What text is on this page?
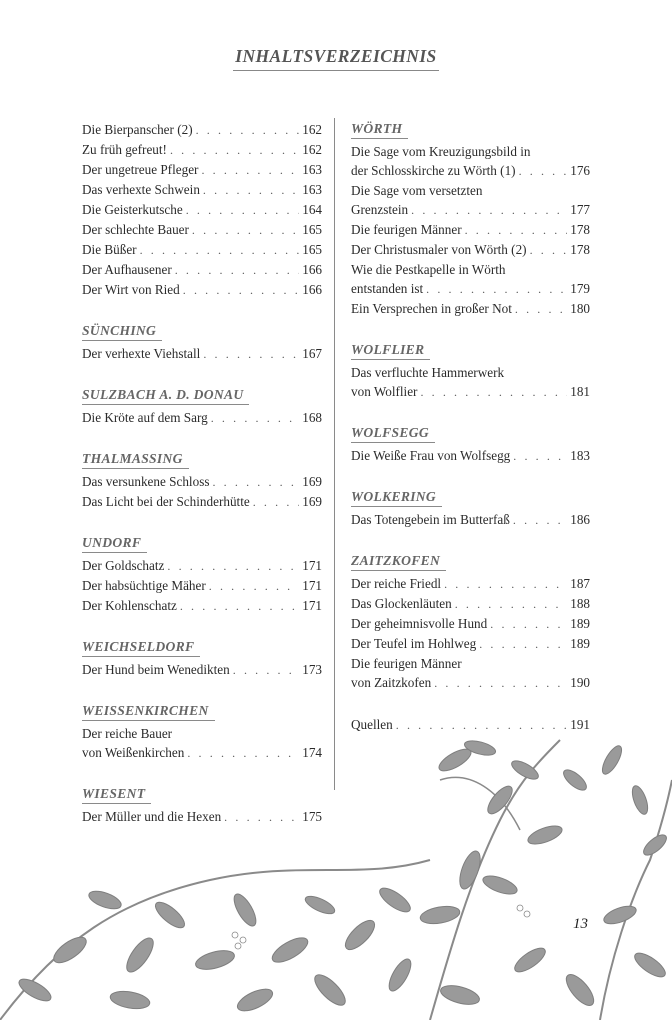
INHALTSVERZEICHNIS
Die Bierpanscher (2) . . .	162
Zu früh gefreut! . . .	162
Der ungetreue Pfleger . . .	163
Das verhexte Schwein . . .	163
Die Geisterkutsche . . .	164
Der schlechte Bauer . . .	165
Die Büßer . . .	165
Der Aufhausener . . .	166
Der Wirt von Ried . . .	166
SÜNCHING
Der verhexte Viehstall . . .	167
SULZBACH A. D. DONAU
Die Kröte auf dem Sarg . . .	168
THALMASSING
Das versunkene Schloss . . .	169
Das Licht bei der Schinderhütte . . .	169
UNDORF
Der Goldschatz . . .	171
Der habsüchtige Mäher . . .	171
Der Kohlenschatz . . .	171
WEICHSELDORF
Der Hund beim Wenedikten . . .	173
WEISSENKIRCHEN
Der reiche Bauer
von Weißenkirchen . . .	174
WIESENT
Der Müller und die Hexen . . .	175
WÖRTH
Die Sage vom Kreuzigungsbild in
der Schlosskirche zu Wörth (1) . . .	176
Die Sage vom versetzten
Grenzstein . . .	177
Die feurigen Männer . . .	178
Der Christusmaler von Wörth (2) . . .	178
Wie die Pestkapelle in Wörth
entstanden ist . . .	179
Ein Versprechen in großer Not . . .	180
WOLFLIER
Das verfluchte Hammerwerk
von Wolflier . . .	181
WOLFSEGG
Die Weiße Frau von Wolfsegg . . .	183
WOLKERING
Das Totengebein im Butterfaß . . .	186
ZAITZKOFEN
Der reiche Friedl . . .	187
Das Glockenläuten . . .	188
Der geheimnisvolle Hund . . .	189
Der Teufel im Hohlweg . . .	189
Die feurigen Männer
von Zaitzkofen . . .	190
Quellen . . .	191
13
